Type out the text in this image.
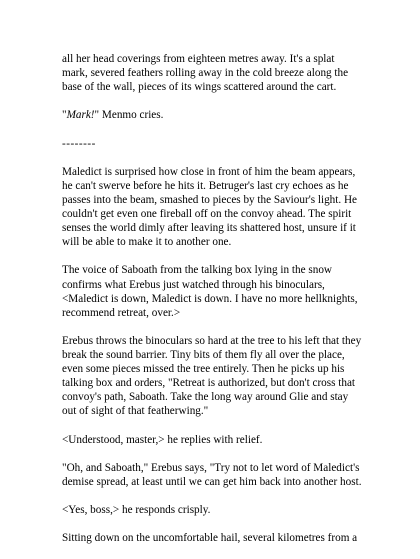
all her head coverings from eighteen metres away. It's a splat
mark, severed feathers rolling away in the cold breeze along the
base of the wall, pieces of its wings scattered around the cart.

"Mark!" Menmo cries.

--------

Maledict is surprised how close in front of him the beam appears,
he can't swerve before he hits it. Betruger's last cry echoes as he
passes into the beam, smashed to pieces by the Saviour's light. He
couldn't get even one fireball off on the convoy ahead. The spirit
senses the world dimly after leaving its shattered host, unsure if it
will be able to make it to another one.

The voice of Saboath from the talking box lying in the snow
confirms what Erebus just watched through his binoculars,
<Maledict is down, Maledict is down. I have no more hellknights,
recommend retreat, over.>

Erebus throws the binoculars so hard at the tree to his left that they
break the sound barrier. Tiny bits of them fly all over the place,
even some pieces missed the tree entirely. Then he picks up his
talking box and orders, "Retreat is authorized, but don't cross that
convoy's path, Saboath. Take the long way around Glie and stay
out of sight of that featherwing."

<Understood, master,> he replies with relief.

"Oh, and Saboath," Erebus says, "Try not to let word of Maledict's
demise spread, at least until we can get him back into another host.

<Yes, boss,> he responds crisply.

Sitting down on the uncomfortable hail, several kilometres from a
